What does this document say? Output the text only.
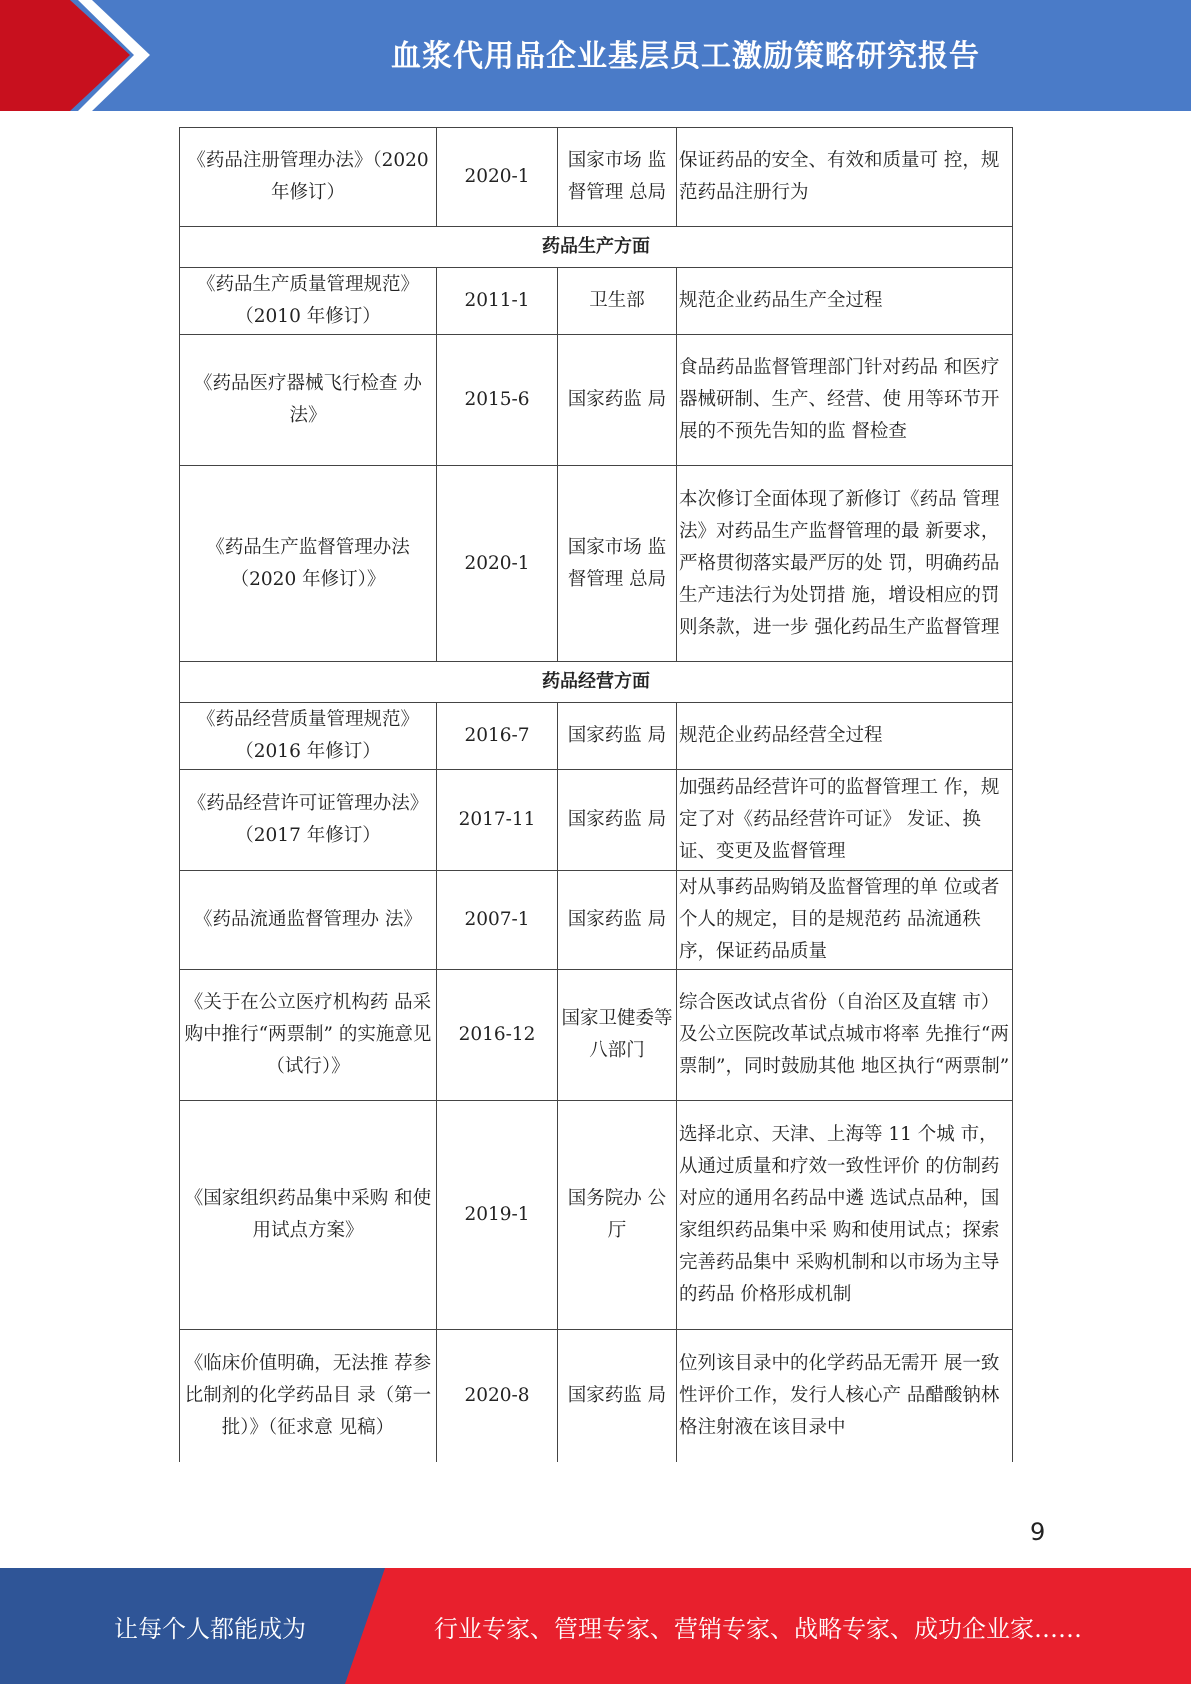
血浆代用品企业基层员工激励策略研究报告
《药品注册管理办法》（2020 年修订）	2020-1	国家市场 监督管理 总局	保证药品的安全、有效和质量可 控，规范药品注册行为
药品生产方面			
《药品生产质量管理规范》（2010 年修订）	2011-1	卫生部	规范企业药品生产全过程
《药品医疗器械飞行检查 办法》	2015-6	国家药监 局	食品药品监督管理部门针对药品 和医疗器械研制、生产、经营、使 用等环节开展的不预先告知的监 督检查
《药品生产监督管理办法（2020 年修订）》	2020-1	国家市场 监督管理 总局	本次修订全面体现了新修订《药品 管理法》对药品生产监督管理的最 新要求，严格贯彻落实最严厉的处 罚，明确药品生产违法行为处罚措 施，增设相应的罚则条款，进一步 强化药品生产监督管理
药品经营方面			
《药品经营质量管理规范》（2016 年修订）	2016-7	国家药监 局	规范企业药品经营全过程
《药品经营许可证管理办法》（2017 年修订）	2017-11	国家药监 局	加强药品经营许可的监督管理工 作，规定了对《药品经营许可证》 发证、换证、变更及监督管理
《药品流通监督管理办 法》	2007-1	国家药监 局	对从事药品购销及监督管理的单 位或者个人的规定，目的是规范药 品流通秩序，保证药品质量
《关于在公立医疗机构药 品采购中推行“两票制” 的实施意见（试行）》	2016-12	国家卫健委等八部门	综合医改试点省份（自治区及直辖 市）及公立医院改革试点城市将率 先推行“两票制”，同时鼓励其他 地区执行“两票制”
《国家组织药品集中采购 和使用试点方案》	2019-1	国务院办 公厅	选择北京、天津、上海等 11 个城 市，从通过质量和疗效一致性评价 的仿制药对应的通用名药品中遴 选试点品种，国家组织药品集中采 购和使用试点；探索完善药品集中 采购机制和以市场为主导的药品 价格形成机制
《临床价值明确，无法推 荐参比制剂的化学药品目 录（第一批）》（征求意 见稿）	2020-8	国家药监 局	位列该目录中的化学药品无需开 展一致性评价工作，发行人核心产 品醋酸钠林格注射液在该目录中
9
让每个人都能成为	行业专家、管理专家、营销专家、战略专家、成功企业家……
